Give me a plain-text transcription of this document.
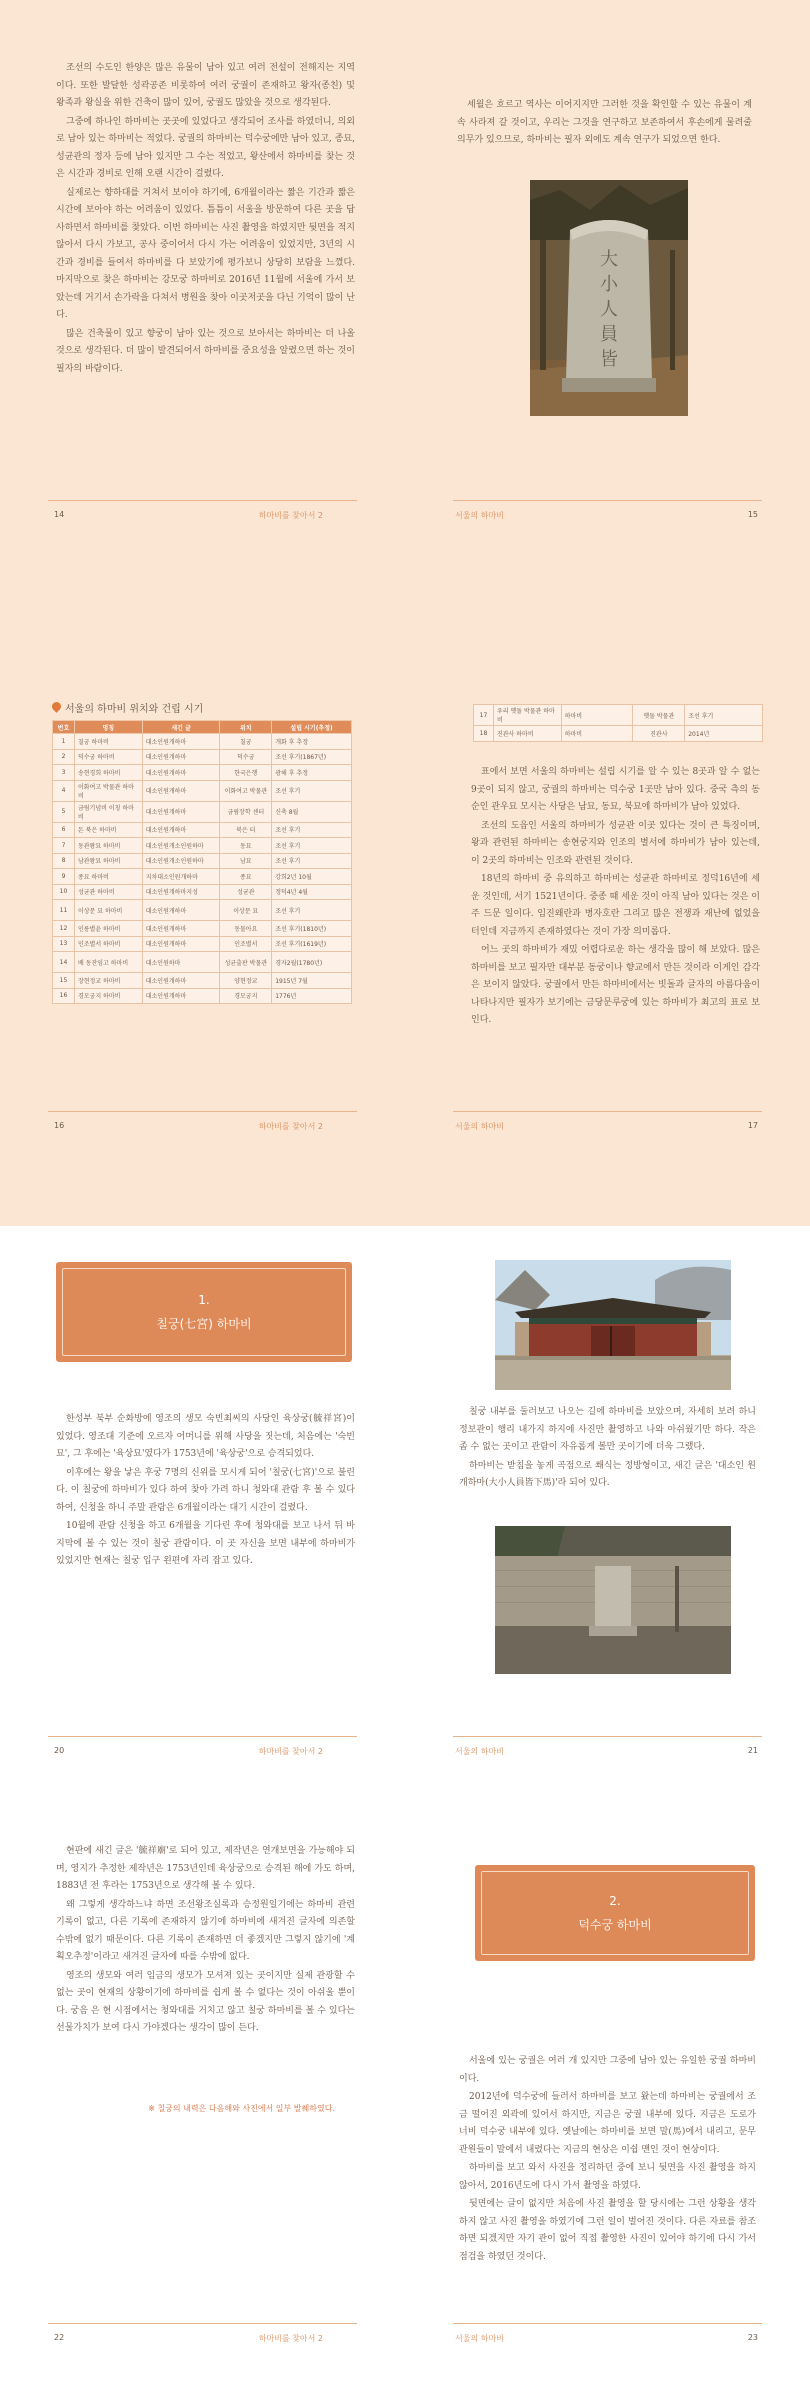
조선의 수도인 한양은 많은 유물이 남아 있고 여러 전설이 전해지는 지역이다. 또한 발달한 성곽공존 비롯하여 여러 궁궐이 존재하고 왕자(종친) 및 왕족과 왕실을 위한 건축이 많이 있어, 궁궐도 많았을 것으로 생각된다.

그중에 하나인 하마비는 곳곳에 있었다고 생각되어 조사를 하였더니, 의외로 남아 있는 하마비는 적었다. 궁궐의 하마비는 덕수궁에만 남아 있고, 종묘, 성균관의 정자 등에 남아 있지만 그 수는 적었고, 왕산에서 하마비를 찾는 것은 시간과 경비로 인해 오랜 시간이 걸렸다.

실제로는 향하대를 거쳐서 보이야 하기에, 6개월이라는 짧은 기간과 짧은 시간에 보아야 하는 어려움이 있었다. 틈틈이 서울을 방문하여 다른 곳을 답사하면서 하마비를 찾았다. 이번 하마비는 사진 촬영을 하였지만 뒷면을 적지 않아서 다시 가보고, 공사 중이어서 다시 가는 어려움이 있었지만, 3년의 시간과 경비를 들여서 하마비를 다 보았기에 평가보니 상당히 보람을 느꼈다. 마지막으로 찾은 하마비는 강모궁 하마비로 2016년 11월에 서울에 가서 보았는데 거기서 손가락을 다쳐서 병원을 찾아 이곳저곳을 다닌 기억이 많이 난다.

많은 건축물이 있고 향궁이 남아 있는 것으로 보아서는 하마비는 더 나올 것으로 생각된다. 더 많이 발견되어서 하마비를 중요성을 알렸으면 하는 것이 필자의 바람이다.

14	하마비를 찾아서 2

세월은 흐르고 역사는 이어지지만 그러한 것을 확인할 수 있는 유물이 계속 사라져 갈 것이고, 우리는 그것을 연구하고 보존하여서 후손에게 물려줄 의무가 있으므로, 하마비는 필자 외에도 계속 연구가 되었으면 한다.

大
小
人
員
皆
서울의 하마비	15
서울의 하마비 위치와 건립 시기
번호	명칭	새긴 글	위치	설립 시기(추정)
1	칠궁 하마비	대소인원개하마	칠궁	개화 후 추정
2	덕수궁 하마비	대소인원개하마	덕수궁	조선 후기(1867년)
3	송현경희 하마비	대소인원개하마	한국은행	광해 후 추정
4	이화여고 박물관 하마비	대소인원개하마	이화여고 박물관	조선 후기
5	금림기념비 이칭 하마비	대소인원개하마	금림장학 센터	신축 8월
6	돈 북은 하마비	대소인원개하마	북은 터	조선 후기
7	동관왕묘 하마비	대소인원개소인원하마	동묘	조선 후기
8	남관왕묘 하마비	대소인원개소인원하마	남묘	조선 후기
9	종묘 하마비	지차대소인원개하마	종묘	강희2년 10월
10	성균관 하마비	대소인원개하마지성	성균관	정덕4년 4월
11	이상문 묘 하마비	대소인원개하마	이상문 묘	조선 후기
12	인릉별윤 하마비	대소인원개하마	동물아요	조선 후기(1810년)
13	인조별서 하마비	대소인원개하마	인조별서	조선 후기(1619년)
14	배 동잔임고 하마비	대소인원하마	성균출판 박물관	경자2월(1780년)
15	장현정교 하마비	대소인원개하마	양현정교	1915년 7월
16	경모궁지 하마비	대소인원개하마	경모궁지	1776년
16	하마비를 찾아서 2
17	우리 옛돌 박물관 하마비	하마비	옛돌 박물관	조선 후기
18	진관사 하마비	하마비	진관사	2014년

표에서 보면 서울의 하마비는 설립 시기를 알 수 있는 8곳과 알 수 없는 9곳이 되지 않고, 궁궐의 하마비는 덕수궁 1곳만 남아 있다. 중국 측의 동순인 관우묘 모시는 사당은 남묘, 동묘, 북묘에 하마비가 남아 있었다.

조선의 도읍인 서울의 하마비가 성균관 이곳 있다는 것이 큰 특징이며, 왕과 관련된 하마비는 송현궁지와 인조의 별서에 하마비가 남아 있는데, 이 2곳의 하마비는 인조와 관련된 것이다.

18년의 하마비 중 유의하고 하마비는 성균관 하마비로 정덕16년에 세운 것인데, 서기 1521년이다. 중종 때 세운 것이 아직 남아 있다는 것은 이주 드문 일이다. 임진왜란과 병자호란 그리고 많은 전쟁과 재난에 없었을 터인데 지금까지 존재하였다는 것이 가장 의미롭다.

어느 곳의 하마비가 재밌 어렵다로운 하는 생각을 많이 해 보았다. 많은 하마비를 보고 필자만 대부분 동궁이나 향교에서 만든 것이라 이게인 감각은 보이지 않았다. 궁궐에서 만든 하마비에서는 빗돌과 글자의 아름다움이 나타나지만 필자가 보기에는 금당문루궁에 있는 하마비가 최고의 표로 보인다.

서울의 하마비	17
1.
칠궁(七宮) 하마비

한성부 북부 순화방에 영조의 생모 숙빈최씨의 사당인 육상궁(毓祥宮)이 있었다. 영조대 기준에 오르자 어머니를 위해 사당을 짓는데, 처음에는 '숙빈묘', 그 후에는 '육상묘'였다가 1753년에 '육상궁'으로 승격되었다.

이후에는 왕을 낳은 후궁 7명의 신위를 모시게 되어 '칠궁(七宮)'으로 불린다. 이 칠궁에 하마비가 있다 하여 찾아 가려 하니 청와대 관람 후 볼 수 있다 하여, 신청을 하니 주말 관람은 6개월이라는 대기 시간이 걸렸다.

10월에 관람 신청을 하고 6개월을 기다린 후에 청와대를 보고 나서 뒤 바지막에 볼 수 있는 것이 칠궁 관람이다. 이 곳 자신을 보면 내부에 하마비가 있었지만 현재는 칠궁 입구 왼편에 자리 잡고 있다.

20	하마비를 찾아서 2

칠궁 내부를 둘러보고 나오는 길에 하마비를 보았으며, 자세히 보려 하니 정보관이 행리 내가지 하지에 사진만 촬영하고 나와 아쉬웠기만 하다. 작은 좀 수 없는 곳이고 관람이 자유롭게 볼만 곳이기에 더욱 그랬다.

하마비는 받침을 놓게 곡점으로 쐐식는 정방형이고, 새긴 글은 '대소인 원개하마(大小人員皆下馬)'라 되어 있다.

서울의 하마비	21

현판에 새긴 글은 '毓祥廟'로 되어 있고, 제작년은 연개보면을 가능해야 되며, 영지가 추정한 제작년은 1753년인데 육상궁으로 승격된 해에 가도 하며, 1883년 전 후라는 1753년으로 생각해 볼 수 있다.

왜 그렇게 생각하느냐 하면 조선왕조실록과 승정원일기에는 하마비 관련 기록이 없고, 다른 기록에 존재하지 않기에 하마비에 새겨진 글자에 의존할 수밖에 없기 때문이다. 다른 기록이 존재하면 더 좋겠지만 그렇지 않기에 '계획오추정'이라고 새겨진 글자에 따를 수밖에 없다.

영조의 생모와 여러 임금의 생모가 모셔져 있는 곳이지만 실제 관광할 수 없는 곳이 현재의 상황이기에 하마비를 쉽게 볼 수 없다는 것이 아쉬울 뿐이다. 궁음 은 현 시점에서는 청와대를 거치고 않고 칠궁 하마비를 볼 수 있다는 선물가치가 보여 다시 가야겠다는 생각이 많이 든다.

※ 칠궁의 내력은 다음해와 사진에서 일부 발췌하였다.
22	하마비를 찾아서 2
2.
덕수궁 하마비

서울에 있는 궁궐은 여러 개 있지만 그중에 남아 있는 유일한 궁궐 하마비이다.

2012년에 덕수궁에 들러서 하마비를 보고 왔는데 하마비는 궁궐에서 조금 떨어진 외곽에 있어서 하지만, 지금은 궁궐 내부에 있다. 지금은 도로가 너비 덕수궁 내부에 있다. 옛날에는 하마비를 보면 말(馬)에서 내리고, 문무관원들이 말에서 내렸다는 지금의 현상은 이쉽 맨인 것이 현상이다.

하마비를 보고 와서 사진을 정리하던 중에 보니 뒷면을 사진 촬영을 하지 않아서, 2016년도에 다시 가서 촬영을 하였다.

뒷면에는 글이 없지만 처음에 사진 촬영을 할 당시에는 그런 상황을 생각하지 않고 사진 촬영을 하였기에 그런 일이 벌어진 것이다. 다른 자료를 참조하면 되겠지만 자기 관이 없어 직접 촬영한 사진이 있어야 하기에 다시 가서 점검을 하였던 것이다.

서울의 하마비	23
